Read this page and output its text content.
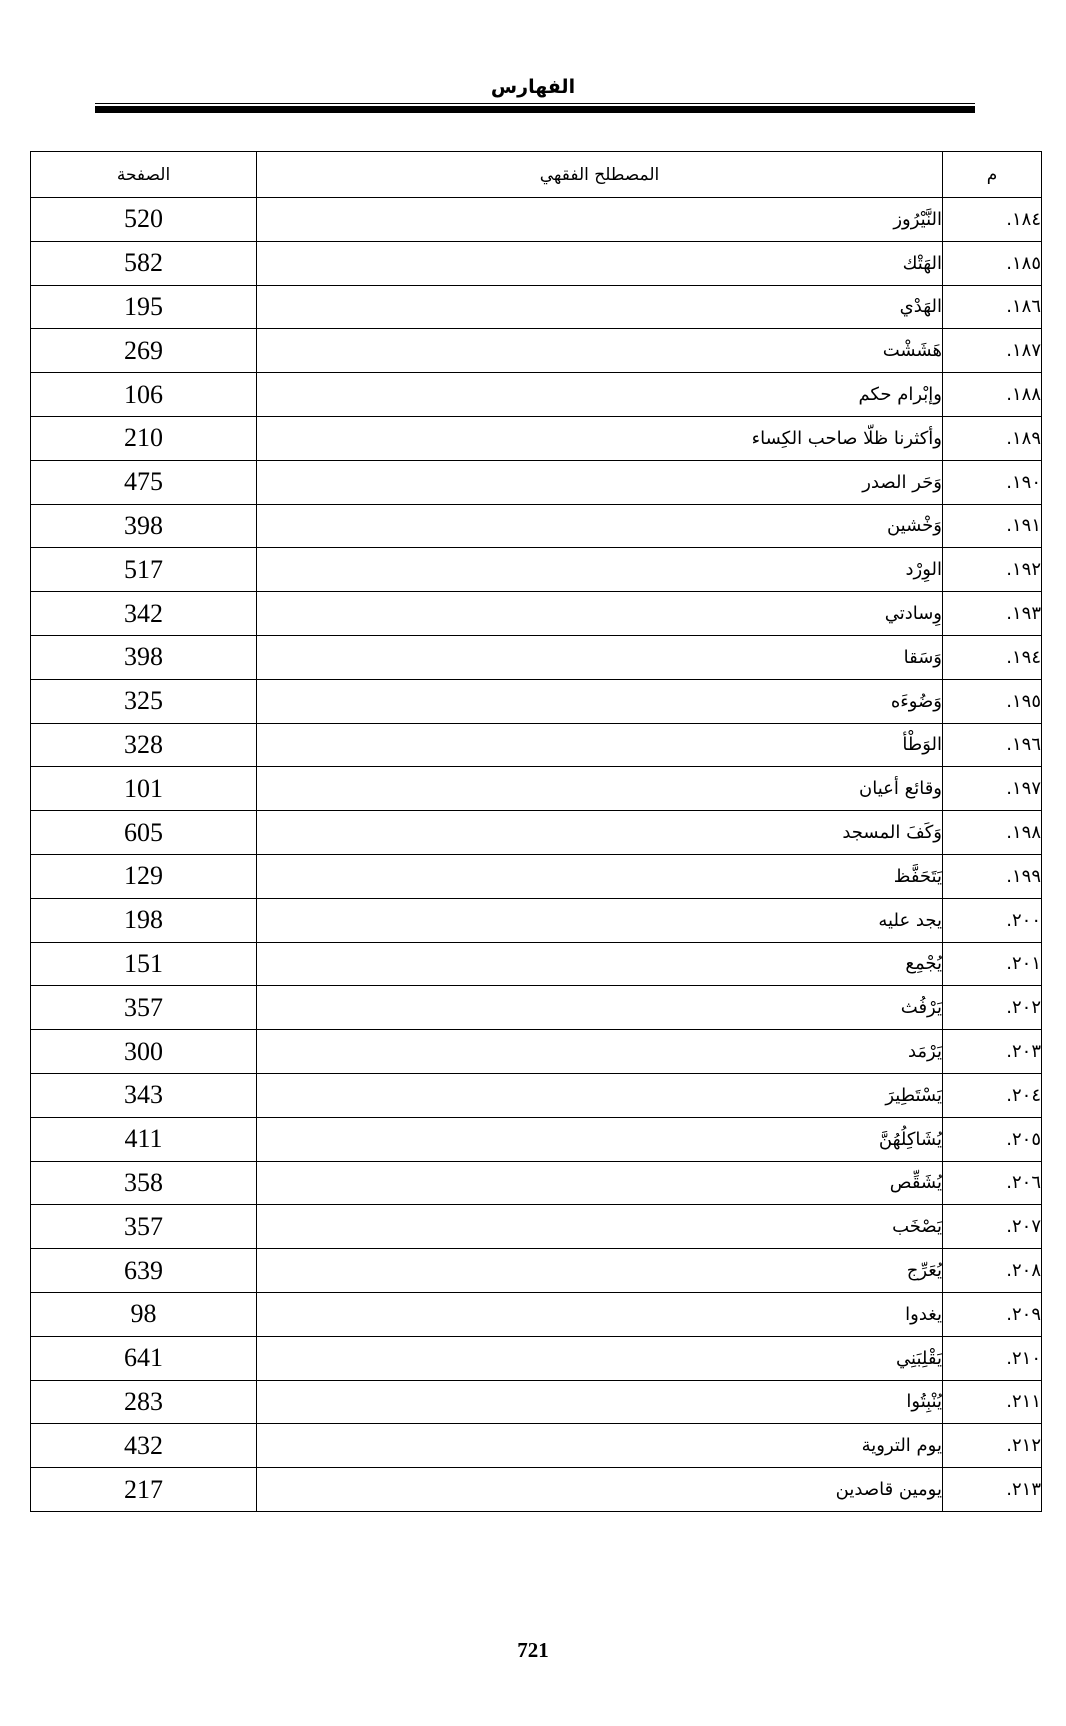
الفهارس
الصفحة	المصطلح الفقهي	م
520	النَّيْرُوز	١٨٤.
582	الهَتْك	١٨٥.
195	الهَدْي	١٨٦.
269	هَشَشْت	١٨٧.
106	وإبْرام حكم	١٨٨.
210	وأكثرنا ظلّا صاحب الكِساء	١٨٩.
475	وَحَر الصدر	١٩٠.
398	وَخْشين	١٩١.
517	الوِرْد	١٩٢.
342	وِسادتي	١٩٣.
398	وَسَقا	١٩٤.
325	وَضُوءَه	١٩٥.
328	الوَطْأ	١٩٦.
101	وقائع أعيان	١٩٧.
605	وَكَفَ المسجد	١٩٨.
129	يَتَحَفَّظ	١٩٩.
198	يجد عليه	٢٠٠.
151	يُجْمِع	٢٠١.
357	يَرْفُث	٢٠٢.
300	يَرْمَد	٢٠٣.
343	يَسْتَطِيرَ	٢٠٤.
411	يُشَاكِلُهُنَّ	٢٠٥.
358	يُشَقِّص	٢٠٦.
357	يَصْخَب	٢٠٧.
639	يُعَرِّج	٢٠٨.
98	يغدوا	٢٠٩.
641	يَقْلِبَنِي	٢١٠.
283	يُنْبِتُوا	٢١١.
432	يوم التروية	٢١٢.
217	يومين قاصدين	٢١٣.
721
